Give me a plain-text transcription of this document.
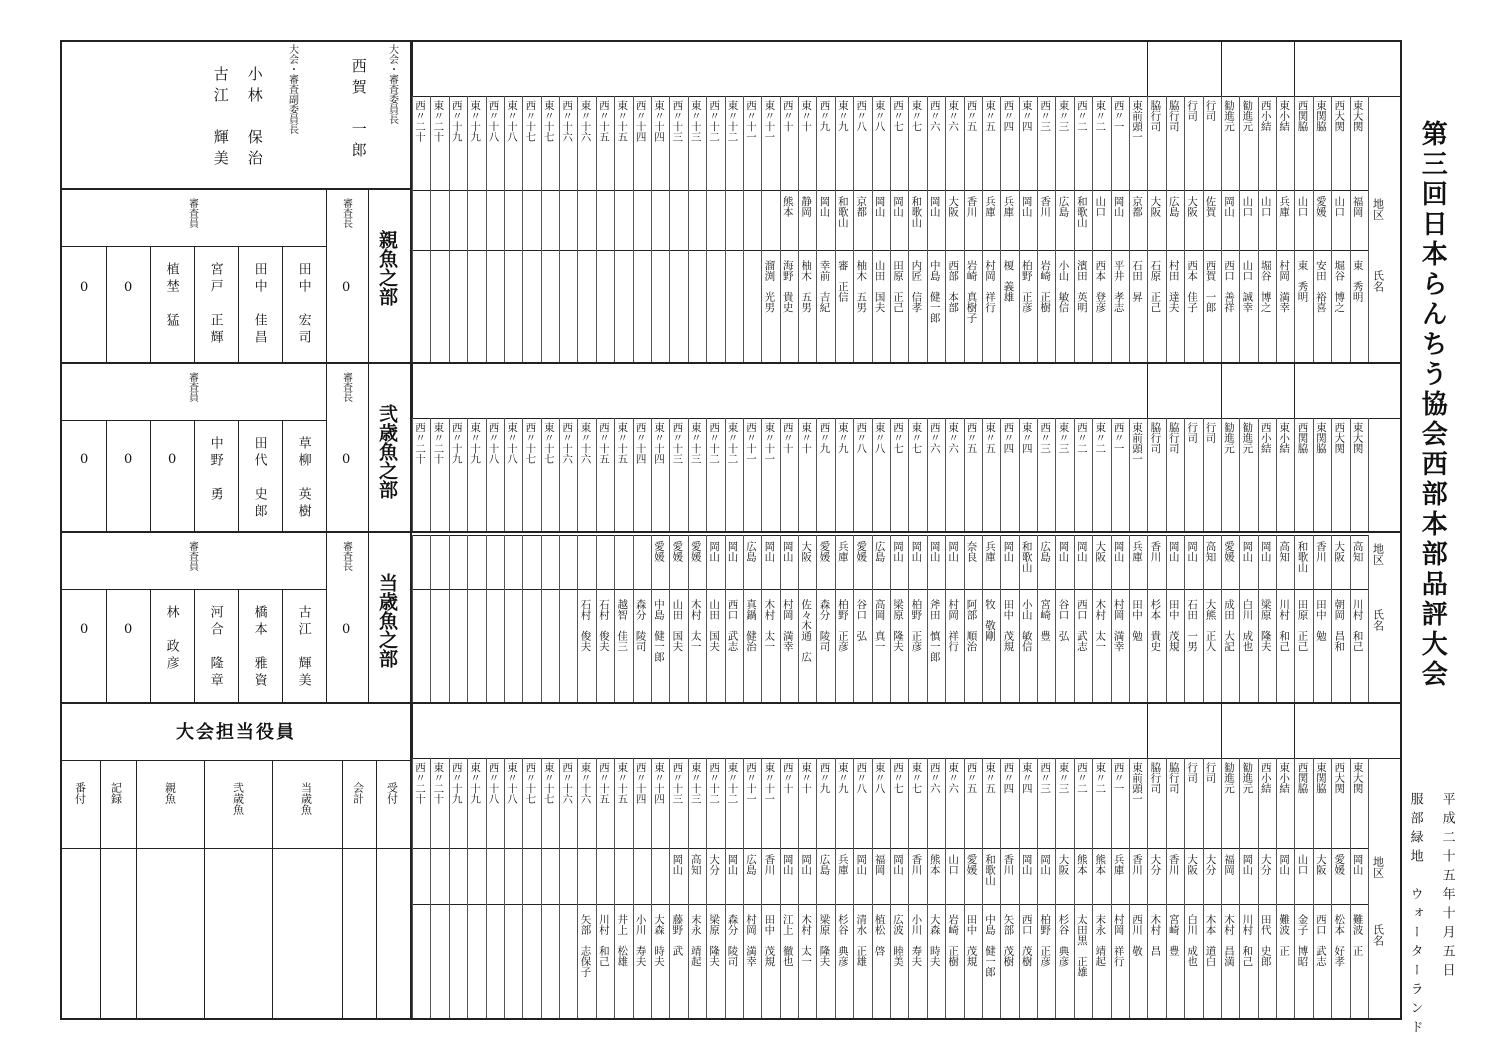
第三回日本らんちう協会西部本部品評大会
平成二十五年十月五日
服部緑地　ウォーターランド
大会・審査委員長
西賀　一郎
大会・審査副委員長
小林　保治
古江　輝美
親魚之部
審査長
0
審査員
田中　宏司
田中　佳昌
宮戸　正輝
植埜　猛
0
0
弐歳魚之部
審査長
0
審査員
草柳　英樹
田代　史郎
中野　勇
0
0
0
当歳魚之部
審査長
0
審査員
古江　輝美
橋本　雅資
河合　隆章
林　政彦
0
0
大会担当役員
受付
会計
当歳魚
弐歳魚
親魚
記録
番付
東大関
西大関
東関脇
西関脇
東小結
西小結
勧進元
勧進元
行司
行司
脇行司
脇行司
東前頭一
西〃一
東〃二
西〃二
東〃三
西〃三
東〃四
西〃四
東〃五
西〃五
東〃六
西〃六
東〃七
西〃七
東〃八
西〃八
東〃九
西〃九
東〃十
西〃十
東〃十一
西〃十一
東〃十二
西〃十二
東〃十三
西〃十三
東〃十四
西〃十四
東〃十五
西〃十五
東〃十六
西〃十六
東〃十七
西〃十七
東〃十八
西〃十八
東〃十九
西〃十九
東〃二十
西〃二十
福岡
山口
愛媛
山口
兵庫
山口
山口
岡山
佐賀
大阪
広島
大阪
京都
岡山
山口
和歌山
広島
香川
岡山
兵庫
兵庫
香川
大阪
岡山
和歌山
岡山
岡山
京都
和歌山
岡山
静岡
熊本
東　秀明
堀谷　博之
安田　裕喜
東　秀明
村岡　満幸
堀谷　博之
山口　誠幸
西口　善祥
西賀　一郎
西本　佳子
村田　達夫
石原　正己
石田　昇
平井　孝志
西本　登彦
濱田　英明
小山　敏信
岩崎　正樹
柏野　正彦
榎　義雄
村岡　祥行
岩崎　真樹子
西部　本部
中島　健一郎
内匠　信孝
田原　正己
山田　国夫
柚木　五男
審　正信
幸前　吉紀
柚木　五男
海野　貴史
溜渕　光男
地区
氏名
東大関
西大関
東関脇
西関脇
東小結
西小結
勧進元
勧進元
行司
行司
脇行司
脇行司
東前頭一
西〃一
東〃二
西〃二
東〃三
西〃三
東〃四
西〃四
東〃五
西〃五
東〃六
西〃六
東〃七
西〃七
東〃八
西〃八
東〃九
西〃九
東〃十
西〃十
東〃十一
西〃十一
東〃十二
西〃十二
東〃十三
西〃十三
東〃十四
西〃十四
東〃十五
西〃十五
東〃十六
西〃十六
東〃十七
西〃十七
東〃十八
西〃十八
東〃十九
西〃十九
東〃二十
西〃二十
高知
大阪
香川
和歌山
高知
岡山
岡山
愛媛
高知
岡山
岡山
香川
兵庫
岡山
大阪
岡山
岡山
広島
和歌山
岡山
兵庫
奈良
岡山
岡山
岡山
岡山
広島
愛媛
兵庫
愛媛
大阪
岡山
岡山
広島
岡山
岡山
愛媛
愛媛
愛媛
川村　和己
朝岡　昌和
田中　勉
田原　正己
川村　和己
梁原　隆夫
白川　成也
成田　大記
大熊　正人
石田　一男
田中　茂規
杉本　貴史
田中　勉
村岡　満幸
木村　太一
西口　武志
谷口　弘
宮崎　豊
小山　敏信
田中　茂規
牧　敬剛
阿部　順治
村岡　祥行
斧田　慎一郎
柏野　正彦
梁原　隆夫
高岡　真一
谷口　弘
柏野　正彦
森分　陵司
佐々木通　広
村岡　満幸
木村　太一
真鍋　健治
西口　武志
山田　国夫
木村　太一
山田　国夫
中島　健一郎
森分　陵司
越智　佳三
石村　俊夫
石村　俊夫
地区
氏名
東大関
西大関
東関脇
西関脇
東小結
西小結
勧進元
勧進元
行司
行司
脇行司
脇行司
東前頭一
西〃一
東〃二
西〃二
東〃三
西〃三
東〃四
西〃四
東〃五
西〃五
東〃六
西〃六
東〃七
西〃七
東〃八
西〃八
東〃九
西〃九
東〃十
西〃十
東〃十一
西〃十一
東〃十二
西〃十二
東〃十三
西〃十三
東〃十四
西〃十四
東〃十五
西〃十五
東〃十六
西〃十六
東〃十七
西〃十七
東〃十八
西〃十八
東〃十九
西〃十九
東〃二十
西〃二十
岡山
愛媛
大阪
山口
岡山
大分
岡山
福岡
大分
大阪
香川
大分
香川
兵庫
熊本
熊本
大阪
岡山
岡山
香川
和歌山
愛媛
山口
熊本
香川
岡山
福岡
岡山
兵庫
広島
岡山
岡山
香川
広島
岡山
大分
高知
岡山
難波　正
松本　好孝
西口　武志
金子　博昭
難波　正
田代　史郎
川村　和己
木村　昌満
木本　道白
白川　成也
宮崎　豊
木村　昌
西川　敬
村岡　祥行
末永　靖起
太田黒　正雄
杉谷　典彦
柏野　正彦
西口　茂樹
矢部　茂樹
中島　健一郎
田中　茂規
岩崎　正樹
大森　時夫
小川　寿夫
広波　睦美
植松　啓
清水　正雄
杉谷　典彦
梁原　隆夫
木村　太一
江上　徹也
田中　茂規
村岡　満幸
森分　陵司
梁原　隆夫
末永　靖起
藤野　武
大森　時夫
小川　寿夫
井上　松雄
川村　和己
矢部　志保子
地区
氏名
